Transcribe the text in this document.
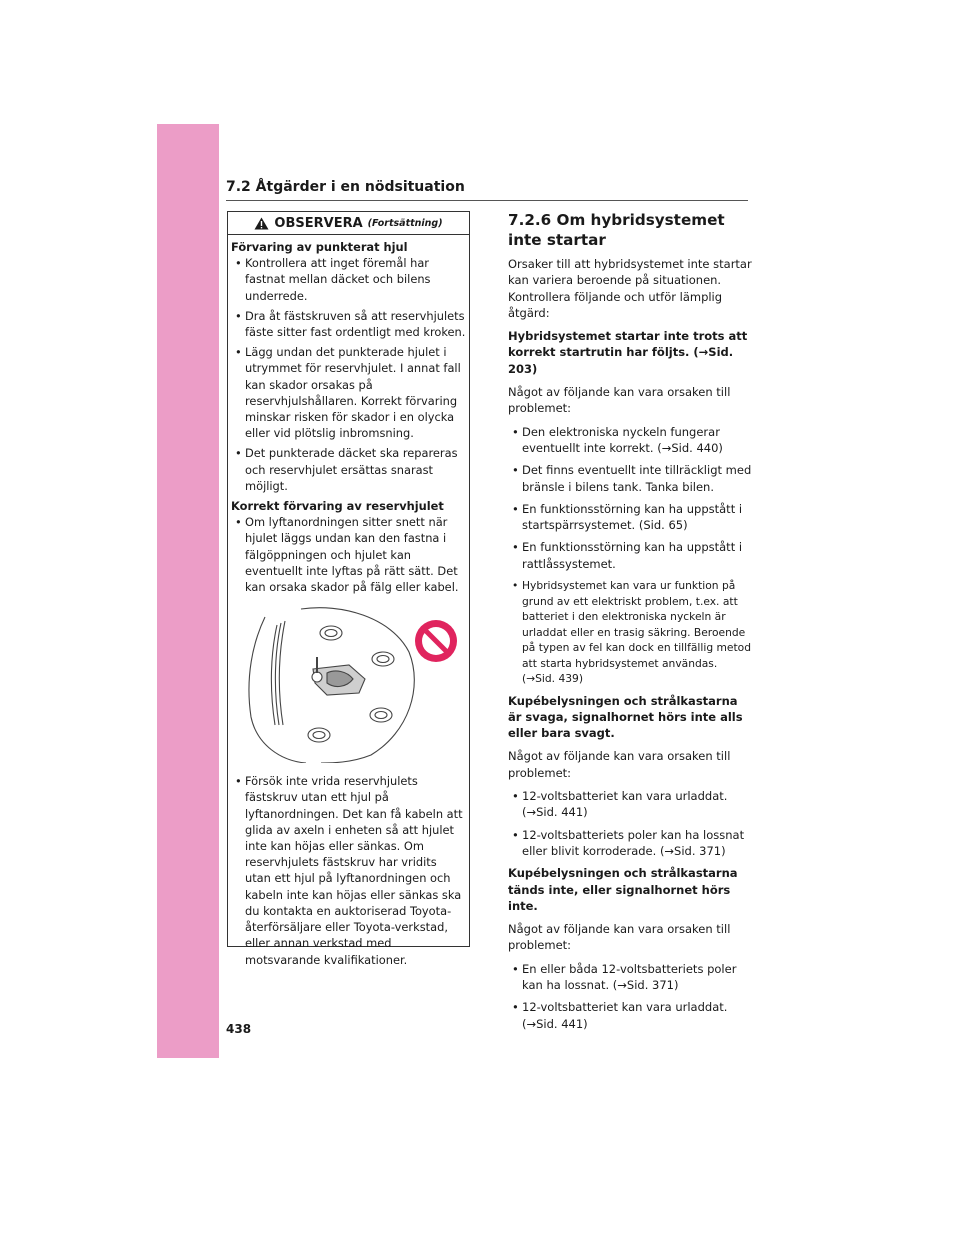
7.2 Åtgärder i en nödsituation
OBSERVERA (Fortsättning)
Förvaring av punkterat hjul
• Kontrollera att inget föremål har fastnat mellan däcket och bilens underrede.
• Dra åt fästskruven så att reservhjulets fäste sitter fast ordentligt med kroken.
• Lägg undan det punkterade hjulet i utrymmet för reservhjulet. I annat fall kan skador orsakas på reservhjulshållaren. Korrekt förvaring minskar risken för skador i en olycka eller vid plötslig inbromsning.
• Det punkterade däcket ska repareras och reservhjulet ersättas snarast möjligt.
Korrekt förvaring av reservhjulet
• Om lyftanordningen sitter snett när hjulet läggs undan kan den fastna i fälgöppningen och hjulet kan eventuellt inte lyftas på rätt sätt. Det kan orsaka skador på fälg eller kabel.
• Försök inte vrida reservhjulets fästskruv utan ett hjul på lyftanordningen. Det kan få kabeln att glida av axeln i enheten så att hjulet inte kan höjas eller sänkas. Om reservhjulets fästskruv har vridits utan ett hjul på lyftanordningen och kabeln inte kan höjas eller sänkas ska du kontakta en auktoriserad Toyota-återförsäljare eller Toyota-verkstad, eller annan verkstad med motsvarande kvalifikationer.
7.2.6 Om hybridsystemet inte startar

Orsaker till att hybridsystemet inte startar kan variera beroende på situationen. Kontrollera följande och utför lämplig åtgärd:

Hybridsystemet startar inte trots att korrekt startrutin har följts. (→Sid. 203)

Något av följande kan vara orsaken till problemet:

• Den elektroniska nyckeln fungerar eventuellt inte korrekt. (→Sid. 440)
• Det finns eventuellt inte tillräckligt med bränsle i bilens tank. Tanka bilen.
• En funktionsstörning kan ha uppstått i startspärrsystemet. (Sid. 65)
• En funktionsstörning kan ha uppstått i rattlåssystemet.
• Hybridsystemet kan vara ur funktion på grund av ett elektriskt problem, t.ex. att batteriet i den elektroniska nyckeln är urladdat eller en trasig säkring. Beroende på typen av fel kan dock en tillfällig metod att starta hybridsystemet användas. (→Sid. 439)

Kupébelysningen och strålkastarna är svaga, signalhornet hörs inte alls eller bara svagt.

Något av följande kan vara orsaken till problemet:

• 12-voltsbatteriet kan vara urladdat. (→Sid. 441)
• 12-voltsbatteriets poler kan ha lossnat eller blivit korroderade. (→Sid. 371)

Kupébelysningen och strålkastarna tänds inte, eller signalhornet hörs inte.

Något av följande kan vara orsaken till problemet:

• En eller båda 12-voltsbatteriets poler kan ha lossnat. (→Sid. 371)
• 12-voltsbatteriet kan vara urladdat. (→Sid. 441)
438
